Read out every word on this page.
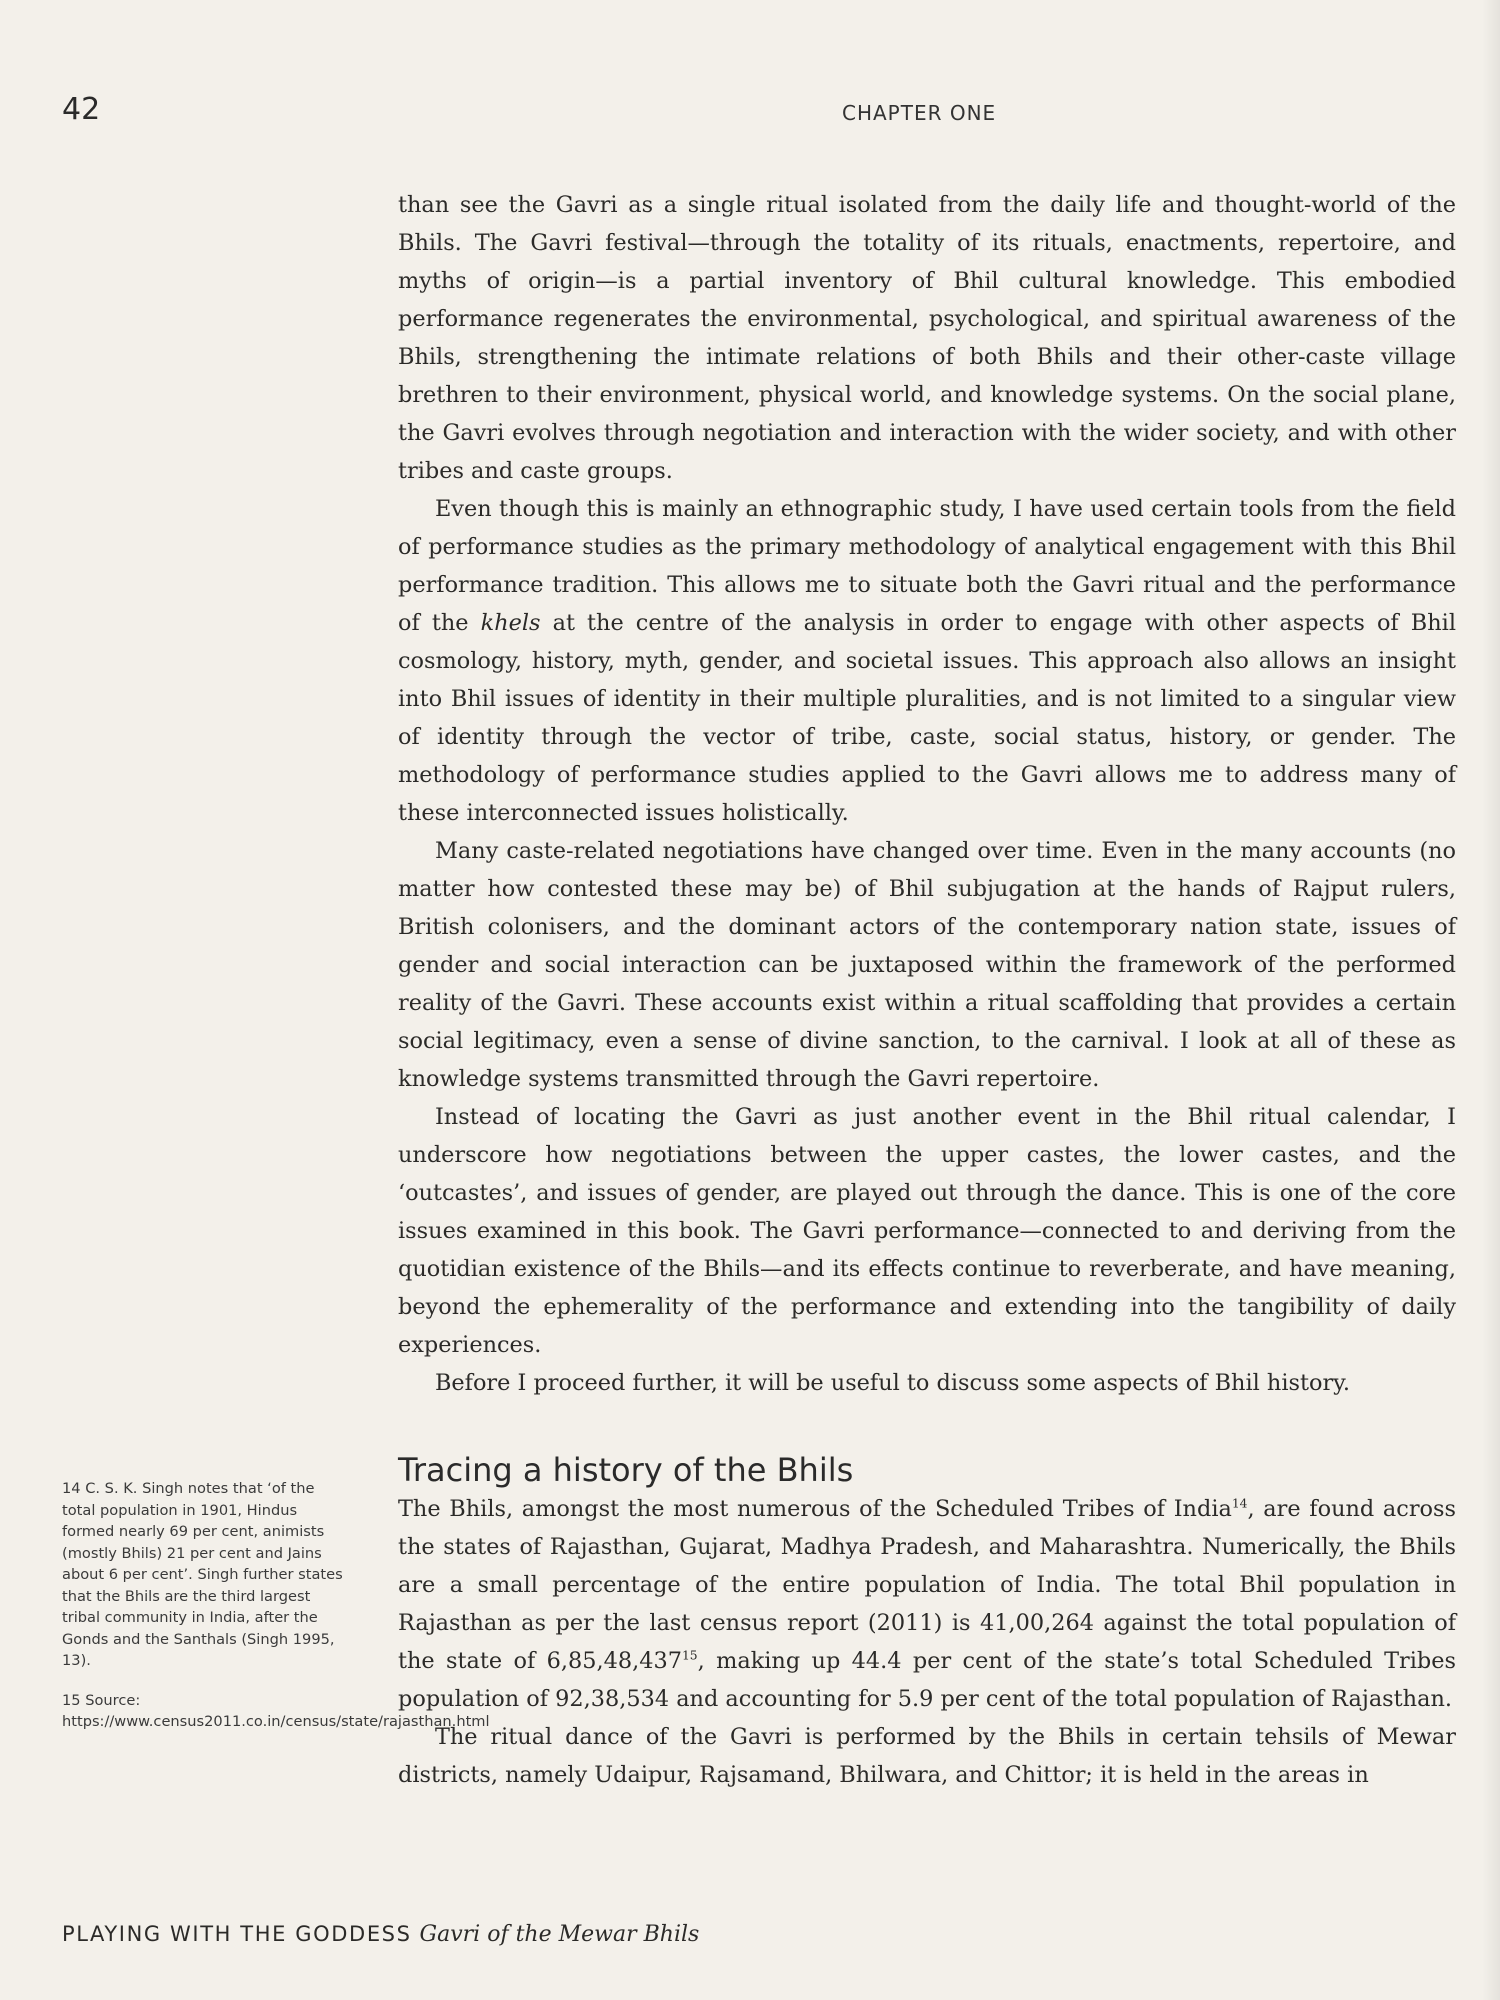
42	CHAPTER ONE

than see the Gavri as a single ritual isolated from the daily life and thought-world of the Bhils. The Gavri festival—through the totality of its rituals, enactments, repertoire, and myths of origin—is a partial inventory of Bhil cultural knowledge. This embodied performance regenerates the environmental, psychological, and spiritual awareness of the Bhils, strengthening the intimate relations of both Bhils and their other-caste village brethren to their environment, physical world, and knowledge systems. On the social plane, the Gavri evolves through negotiation and interaction with the wider society, and with other tribes and caste groups.

Even though this is mainly an ethnographic study, I have used certain tools from the field of performance studies as the primary methodology of analytical engagement with this Bhil performance tradition. This allows me to situate both the Gavri ritual and the performance of the khels at the centre of the analysis in order to engage with other aspects of Bhil cosmology, history, myth, gender, and societal issues. This approach also allows an insight into Bhil issues of identity in their multiple pluralities, and is not limited to a singular view of identity through the vector of tribe, caste, social status, history, or gender. The methodology of performance studies applied to the Gavri allows me to address many of these interconnected issues holistically.

Many caste-related negotiations have changed over time. Even in the many accounts (no matter how contested these may be) of Bhil subjugation at the hands of Rajput rulers, British colonisers, and the dominant actors of the contemporary nation state, issues of gender and social interaction can be juxtaposed within the framework of the performed reality of the Gavri. These accounts exist within a ritual scaffolding that provides a certain social legitimacy, even a sense of divine sanction, to the carnival. I look at all of these as knowledge systems transmitted through the Gavri repertoire.

Instead of locating the Gavri as just another event in the Bhil ritual calendar, I underscore how negotiations between the upper castes, the lower castes, and the ‘outcastes’, and issues of gender, are played out through the dance. This is one of the core issues examined in this book. The Gavri performance—connected to and deriving from the quotidian existence of the Bhils—and its effects continue to reverberate, and have meaning, beyond the ephemerality of the performance and extending into the tangibility of daily experiences.

Before I proceed further, it will be useful to discuss some aspects of Bhil history.

Tracing a history of the Bhils

The Bhils, amongst the most numerous of the Scheduled Tribes of India$^{14}$, are found across the states of Rajasthan, Gujarat, Madhya Pradesh, and Maharashtra. Numerically, the Bhils are a small percentage of the entire population of India. The total Bhil population in Rajasthan as per the last census report (2011) is 41,00,264 against the total population of the state of 6,85,48,437$^{15}$, making up 44.4 per cent of the state’s total Scheduled Tribes population of 92,38,534 and accounting for 5.9 per cent of the total population of Rajasthan.

The ritual dance of the Gavri is performed by the Bhils in certain tehsils of Mewar districts, namely Udaipur, Rajsamand, Bhilwara, and Chittor; it is held in the areas in

14 C. S. K. Singh notes that ‘of the total population in 1901, Hindus formed nearly 69 per cent, animists (mostly Bhils) 21 per cent and Jains about 6 per cent’. Singh further states that the Bhils are the third largest tribal community in India, after the Gonds and the Santhals (Singh 1995, 13).

15 Source: https://www.census2011.co.in/census/state/rajasthan.html

PLAYING WITH THE GODDESS Gavri of the Mewar Bhils
